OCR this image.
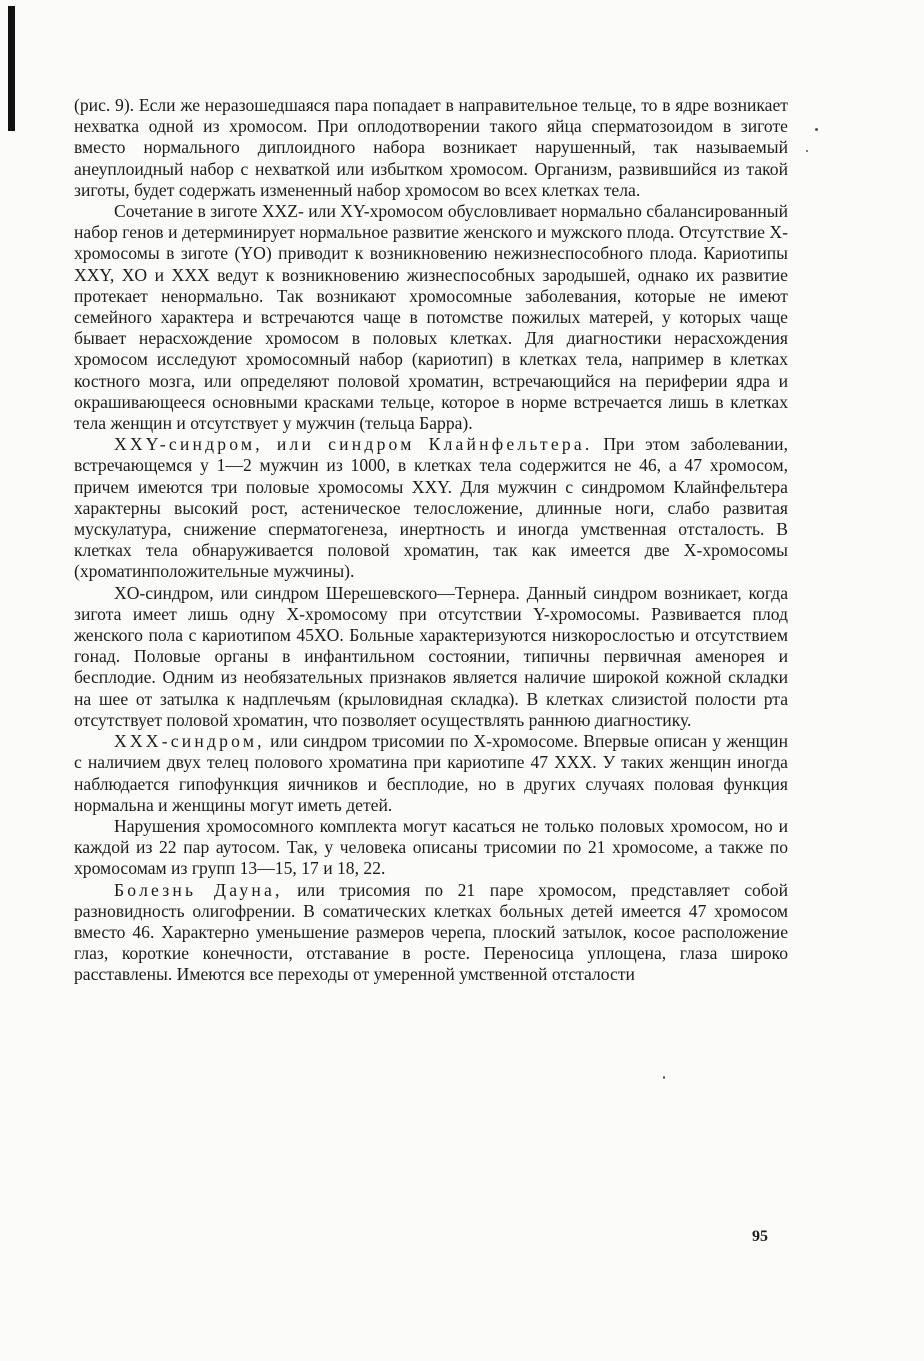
(рис. 9). Если же неразошедшаяся пара попадает в направительное тельце, то в ядре возникает нехватка одной из хромосом. При оплодотворении такого яйца сперматозоидом в зиготе вместо нормального диплоидного набора возникает нарушенный, так называемый анеуплоидный набор с нехваткой или избытком хромосом. Организм, развившийся из такой зиготы, будет содержать измененный набор хромосом во всех клетках тела.

Сочетание в зиготе XXZ- или XY-хромосом обусловливает нормально сбалансированный набор генов и детерминирует нормальное развитие женского и мужского плода. Отсутствие X-хромосомы в зиготе (YO) приводит к возникновению нежизнеспособного плода. Кариотипы XXY, XO и XXX ведут к возникновению жизнеспособных зародышей, однако их развитие протекает ненормально. Так возникают хромосомные заболевания, которые не имеют семейного характера и встречаются чаще в потомстве пожилых матерей, у которых чаще бывает нерасхождение хромосом в половых клетках. Для диагностики нерасхождения хромосом исследуют хромосомный набор (кариотип) в клетках тела, например в клетках костного мозга, или определяют половой хроматин, встречающийся на периферии ядра и окрашивающееся основными красками тельце, которое в норме встречается лишь в клетках тела женщин и отсутствует у мужчин (тельца Барра).

XXY-синдром, или синдром Клайнфельтера. При этом заболевании, встречающемся у 1—2 мужчин из 1000, в клетках тела содержится не 46, а 47 хромосом, причем имеются три половые хромосомы XXY. Для мужчин с синдромом Клайнфельтера характерны высокий рост, астеническое телосложение, длинные ноги, слабо развитая мускулатура, снижение сперматогенеза, инертность и иногда умственная отсталость. В клетках тела обнаруживается половой хроматин, так как имеется две X-хромосомы (хроматинположительные мужчины).

XO-синдром, или синдром Шерешевского—Тернера. Данный синдром возникает, когда зигота имеет лишь одну X-хромосому при отсутствии Y-хромосомы. Развивается плод женского пола с кариотипом 45XO. Больные характеризуются низкорослостью и отсутствием гонад. Половые органы в инфантильном состоянии, типичны первичная аменорея и бесплодие. Одним из необязательных признаков является наличие широкой кожной складки на шее от затылка к надплечьям (крыловидная складка). В клетках слизистой полости рта отсутствует половой хроматин, что позволяет осуществлять раннюю диагностику.

XXX-синдром, или синдром трисомии по X-хромосоме. Впервые описан у женщин с наличием двух телец полового хроматина при кариотипе 47 XXX. У таких женщин иногда наблюдается гипофункция яичников и бесплодие, но в других случаях половая функция нормальна и женщины могут иметь детей.

Нарушения хромосомного комплекта могут касаться не только половых хромосом, но и каждой из 22 пар аутосом. Так, у человека описаны трисомии по 21 хромосоме, а также по хромосомам из групп 13—15, 17 и 18, 22.

Болезнь Дауна, или трисомия по 21 паре хромосом, представляет собой разновидность олигофрении. В соматических клетках больных детей имеется 47 хромосом вместо 46. Характерно уменьшение размеров черепа, плоский затылок, косое расположение глаз, короткие конечности, отставание в росте. Переносица уплощена, глаза широко расставлены. Имеются все переходы от умеренной умственной отсталости

95
